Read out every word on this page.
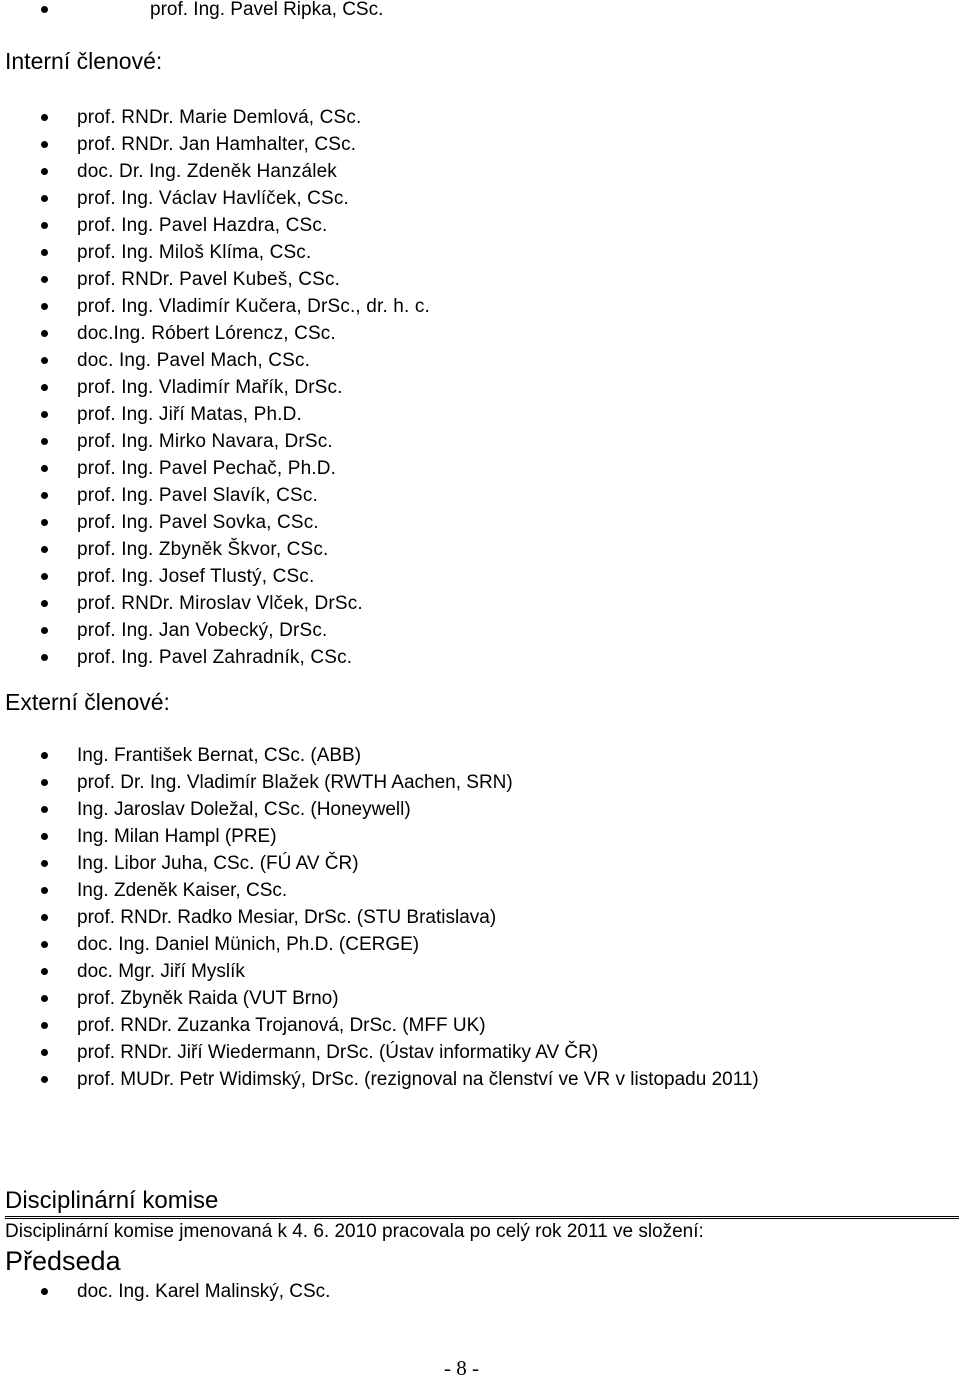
prof. Ing. Pavel Ripka, CSc.
Interní členové:
prof. RNDr. Marie Demlová, CSc.
prof. RNDr. Jan Hamhalter, CSc.
doc. Dr. Ing. Zdeněk Hanzálek
prof. Ing. Václav Havlíček, CSc.
prof. Ing. Pavel Hazdra, CSc.
prof. Ing. Miloš Klíma, CSc.
prof. RNDr. Pavel Kubeš, CSc.
prof. Ing. Vladimír Kučera, DrSc., dr. h. c.
doc.Ing. Róbert Lórencz, CSc.
doc. Ing. Pavel Mach, CSc.
prof. Ing. Vladimír Mařík, DrSc.
prof. Ing. Jiří Matas, Ph.D.
prof. Ing. Mirko Navara, DrSc.
prof. Ing. Pavel Pechač, Ph.D.
prof. Ing. Pavel Slavík, CSc.
prof. Ing. Pavel Sovka, CSc.
prof. Ing. Zbyněk Škvor, CSc.
prof. Ing. Josef Tlustý, CSc.
prof. RNDr. Miroslav Vlček, DrSc.
prof. Ing. Jan Vobecký, DrSc.
prof. Ing. Pavel Zahradník, CSc.
Externí členové:
Ing. František Bernat, CSc. (ABB)
prof. Dr. Ing. Vladimír Blažek (RWTH Aachen, SRN)
Ing. Jaroslav Doležal, CSc. (Honeywell)
Ing. Milan Hampl (PRE)
Ing. Libor Juha, CSc. (FÚ AV ČR)
Ing. Zdeněk Kaiser, CSc.
prof. RNDr. Radko Mesiar, DrSc. (STU Bratislava)
doc. Ing. Daniel Münich, Ph.D. (CERGE)
doc. Mgr. Jiří Myslík
prof. Zbyněk Raida (VUT Brno)
prof. RNDr. Zuzanka Trojanová, DrSc. (MFF UK)
prof. RNDr. Jiří Wiedermann, DrSc. (Ústav informatiky AV ČR)
prof. MUDr. Petr Widimský, DrSc. (rezignoval na členství ve VR v listopadu 2011)
Disciplinární komise
Disciplinární komise jmenovaná k 4. 6. 2010 pracovala po celý rok 2011 ve složení:
Předseda
doc. Ing. Karel Malinský, CSc.
- 8 -
